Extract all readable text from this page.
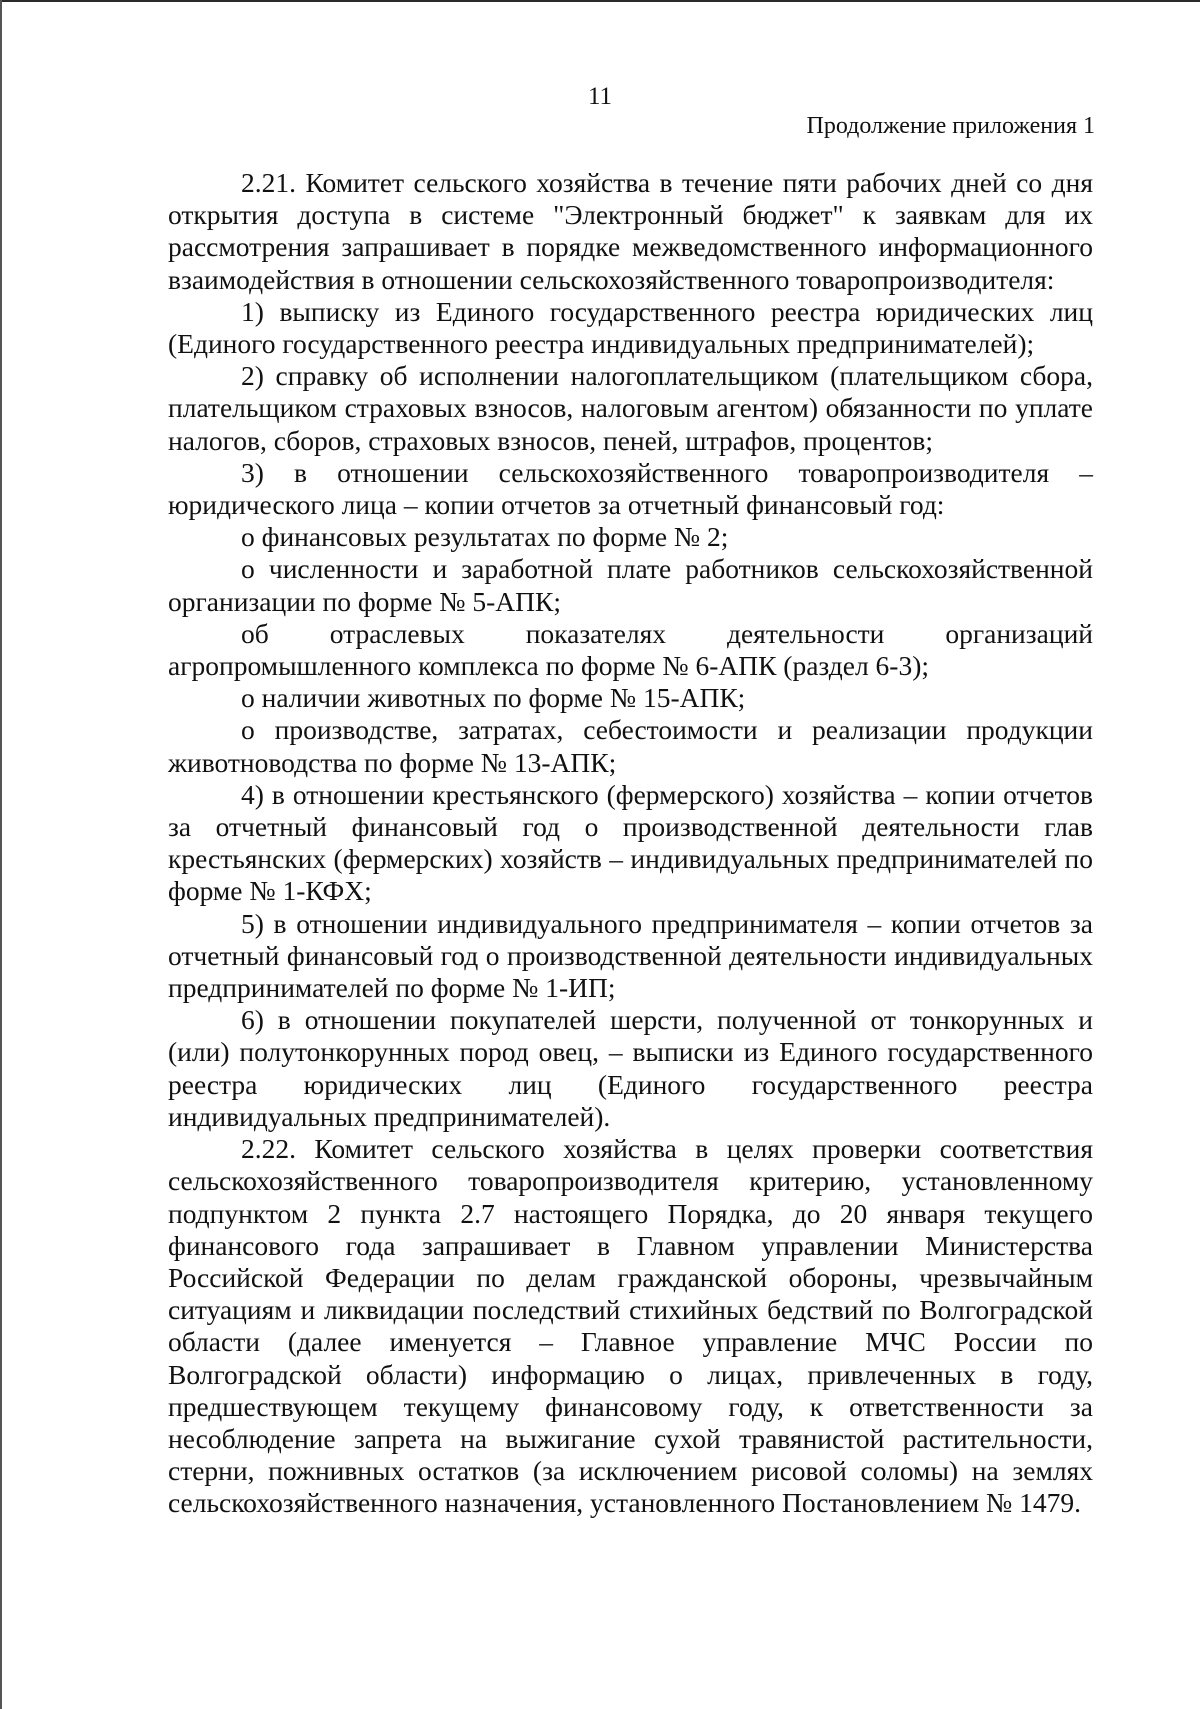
11
Продолжение приложения 1

2.21. Комитет сельского хозяйства в течение пяти рабочих дней со дня открытия доступа в системе "Электронный бюджет" к заявкам для их рассмотрения запрашивает в порядке межведомственного информационного взаимодействия в отношении сельскохозяйственного товаропроизводителя:

1) выписку из Единого государственного реестра юридических лиц (Единого государственного реестра индивидуальных предпринимателей);

2) справку об исполнении налогоплательщиком (плательщиком сбора, плательщиком страховых взносов, налоговым агентом) обязанности по уплате налогов, сборов, страховых взносов, пеней, штрафов, процентов;

3) в отношении сельскохозяйственного товаропроизводителя – юридического лица – копии отчетов за отчетный финансовый год:

о финансовых результатах по форме № 2;

о численности и заработной плате работников сельскохозяйственной организации по форме № 5-АПК;

об отраслевых показателях деятельности организаций агропромышленного комплекса по форме № 6-АПК (раздел 6-3);

о наличии животных по форме № 15-АПК;

о производстве, затратах, себестоимости и реализации продукции животноводства по форме № 13-АПК;

4) в отношении крестьянского (фермерского) хозяйства – копии отчетов за отчетный финансовый год о производственной деятельности глав крестьянских (фермерских) хозяйств – индивидуальных предпринимателей по форме № 1-КФХ;

5) в отношении индивидуального предпринимателя – копии отчетов за отчетный финансовый год о производственной деятельности индивидуальных предпринимателей по форме № 1-ИП;

6) в отношении покупателей шерсти, полученной от тонкорунных и (или) полутонкорунных пород овец, – выписки из Единого государственного реестра юридических лиц (Единого государственного реестра индивидуальных предпринимателей).

2.22. Комитет сельского хозяйства в целях проверки соответствия сельскохозяйственного товаропроизводителя критерию, установленному подпунктом 2 пункта 2.7 настоящего Порядка, до 20 января текущего финансового года запрашивает в Главном управлении Министерства Российской Федерации по делам гражданской обороны, чрезвычайным ситуациям и ликвидации последствий стихийных бедствий по Волгоградской области (далее именуется – Главное управление МЧС России по Волгоградской области) информацию о лицах, привлеченных в году, предшествующем текущему финансовому году, к ответственности за несоблюдение запрета на выжигание сухой травянистой растительности, стерни, пожнивных остатков (за исключением рисовой соломы) на землях сельскохозяйственного назначения, установленного Постановлением № 1479.
